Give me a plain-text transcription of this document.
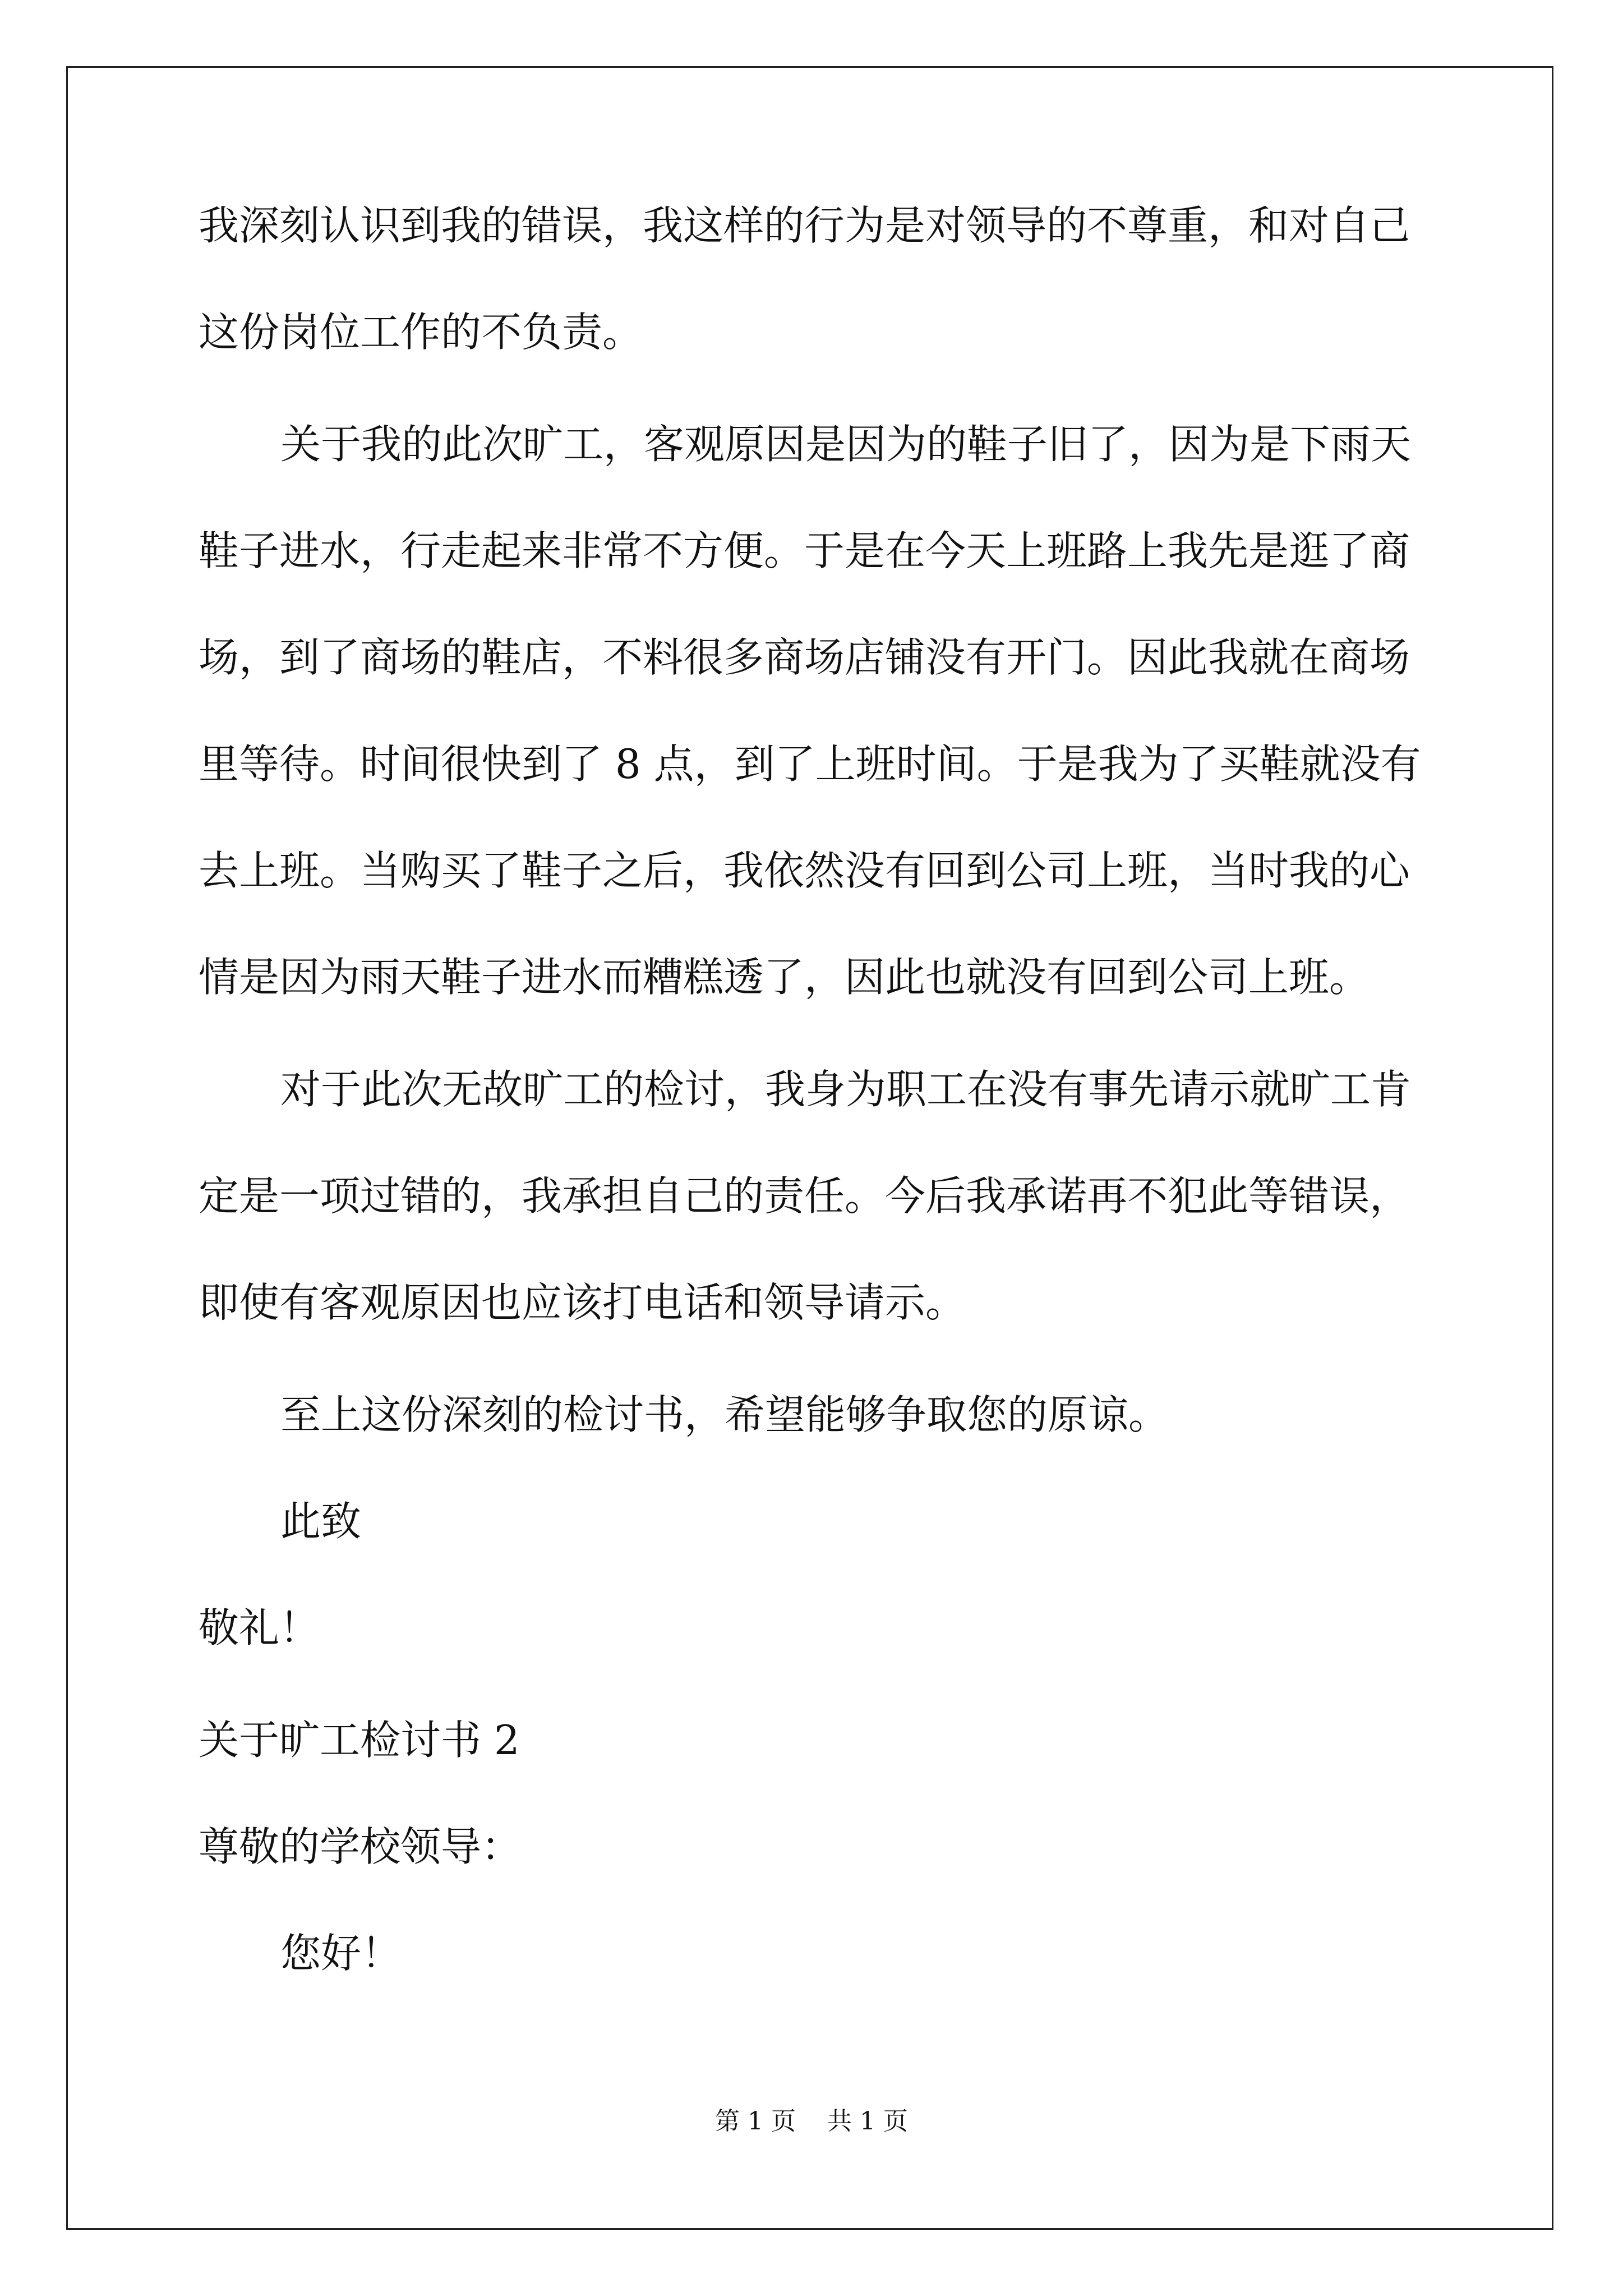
我深刻认识到我的错误，我这样的行为是对领导的不尊重，和对自己
这份岗位工作的不负责。
关于我的此次旷工，客观原因是因为的鞋子旧了，因为是下雨天
鞋子进水，行走起来非常不方便。于是在今天上班路上我先是逛了商
场，到了商场的鞋店，不料很多商场店铺没有开门。因此我就在商场
里等待。时间很快到了 8 点，到了上班时间。于是我为了买鞋就没有
去上班。当购买了鞋子之后，我依然没有回到公司上班，当时我的心
情是因为雨天鞋子进水而糟糕透了，因此也就没有回到公司上班。
对于此次无故旷工的检讨，我身为职工在没有事先请示就旷工肯
定是一项过错的，我承担自己的责任。今后我承诺再不犯此等错误，
即使有客观原因也应该打电话和领导请示。
至上这份深刻的检讨书，希望能够争取您的原谅。
此致
敬礼！
关于旷工检讨书 2
尊敬的学校领导：
您好！
第 1 页    共 1 页
